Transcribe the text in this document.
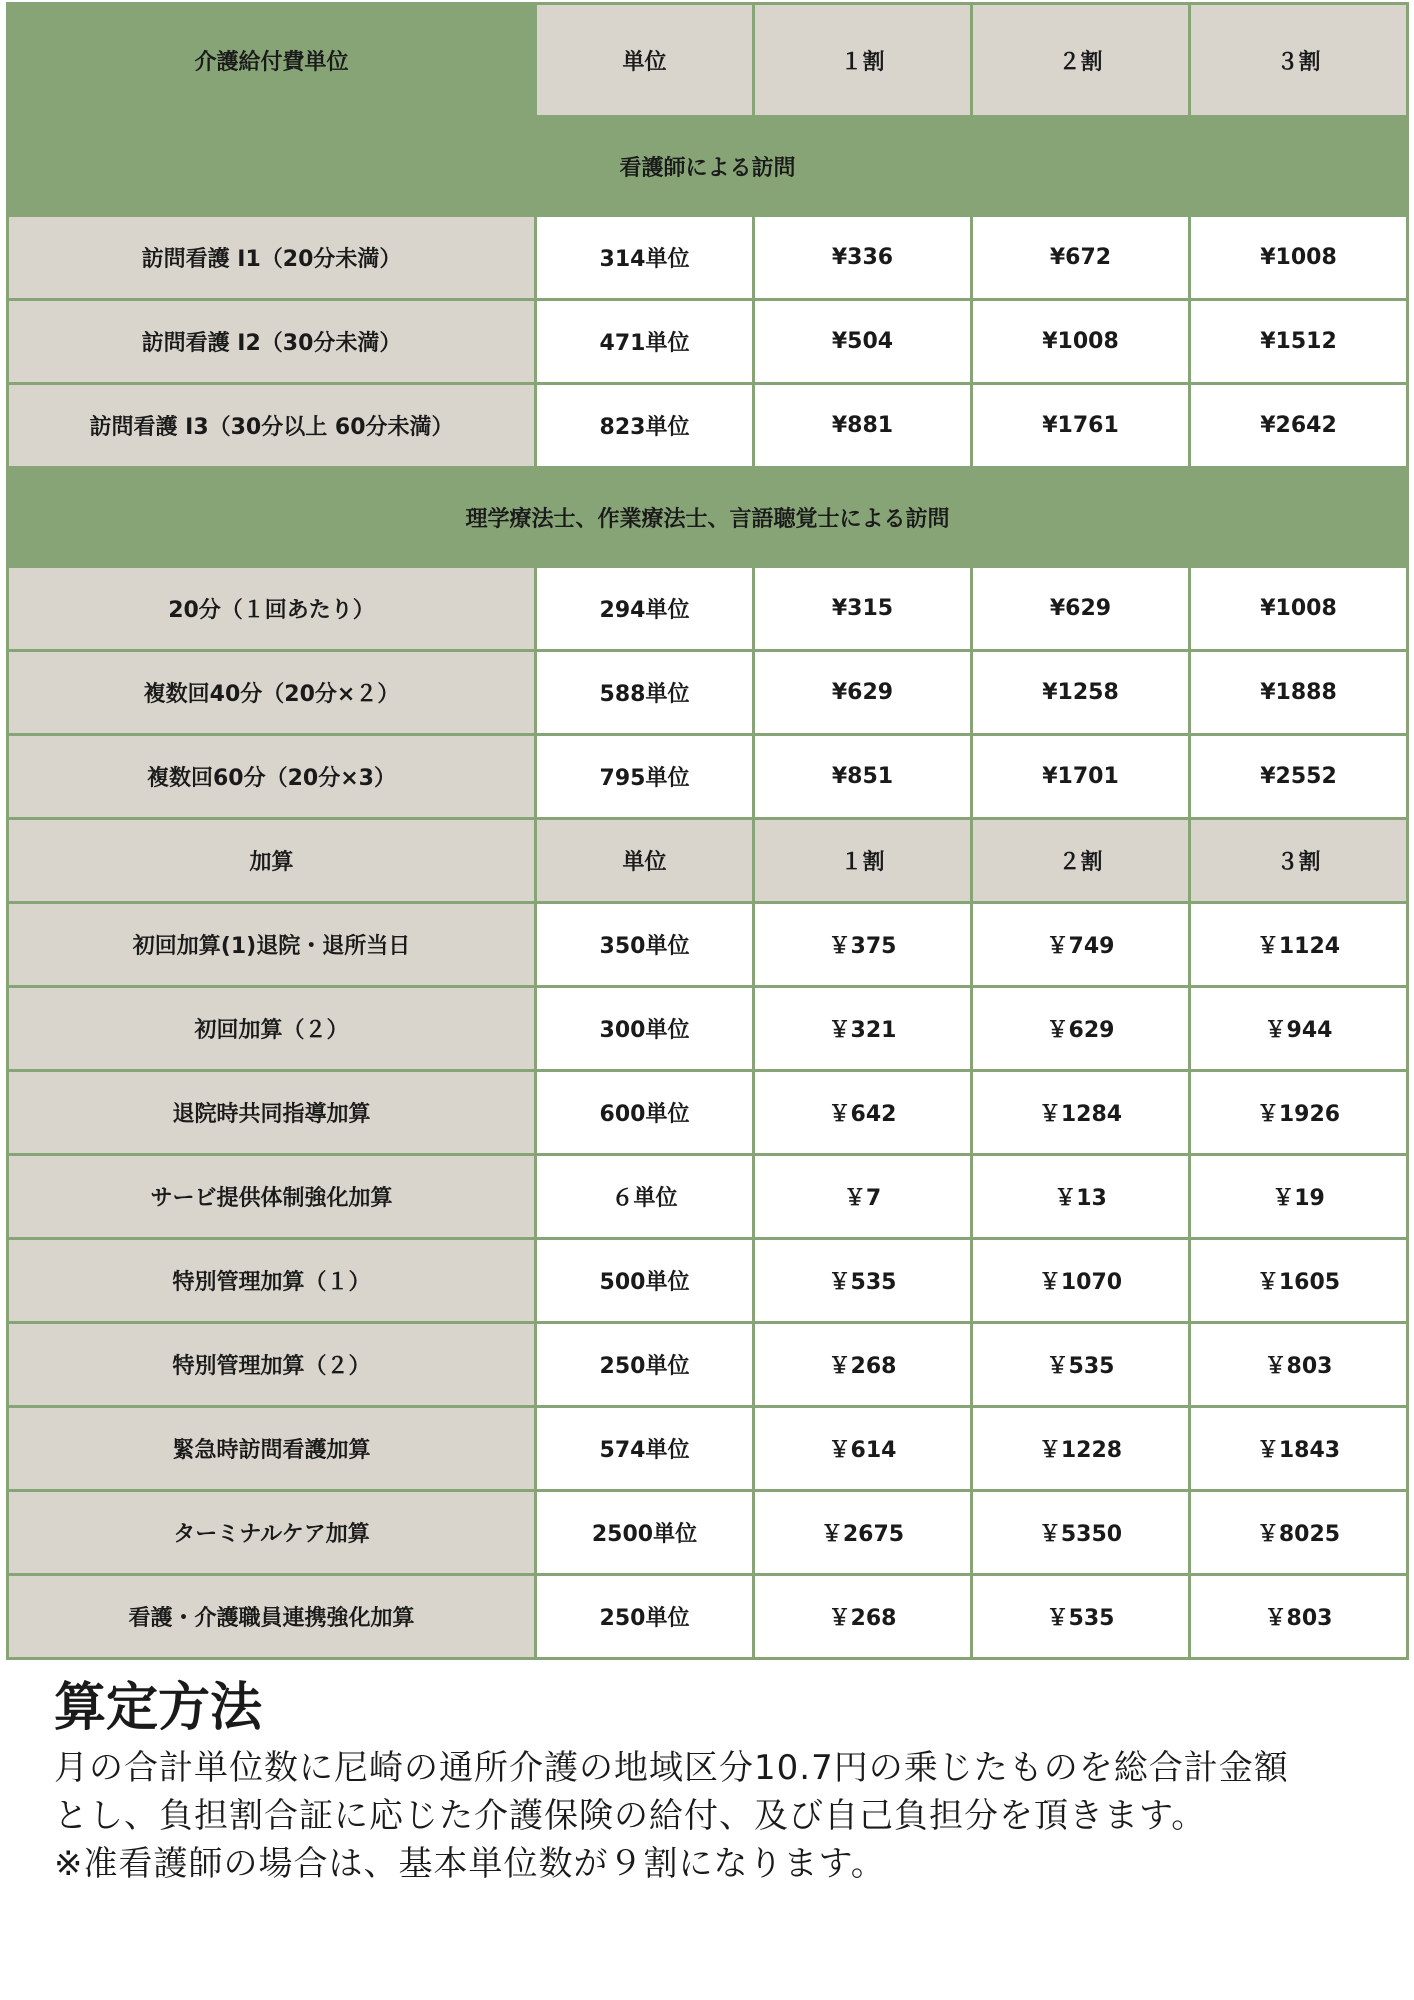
介護給付費単位	単位	１割	２割	３割
看護師による訪問				
訪問看護 I1（20分未満）	314単位	¥336	¥672	¥1008
訪問看護 I2（30分未満）	471単位	¥504	¥1008	¥1512
訪問看護 I3（30分以上 60分未満）	823単位	¥881	¥1761	¥2642
理学療法士、作業療法士、言語聴覚士による訪問				
20分（１回あたり）	294単位	¥315	¥629	¥1008
複数回40分（20分×２）	588単位	¥629	¥1258	¥1888
複数回60分（20分×3）	795単位	¥851	¥1701	¥2552
加算	単位	１割	２割	３割
初回加算(1)退院・退所当日	350単位	￥375	￥749	￥1124
初回加算（２）	300単位	￥321	￥629	￥944
退院時共同指導加算	600単位	￥642	￥1284	￥1926
サービ提供体制強化加算	６単位	￥7	￥13	￥19
特別管理加算（１）	500単位	￥535	￥1070	￥1605
特別管理加算（２）	250単位	￥268	￥535	￥803
緊急時訪問看護加算	574単位	￥614	￥1228	￥1843
ターミナルケア加算	2500単位	￥2675	￥5350	￥8025
看護・介護職員連携強化加算	250単位	￥268	￥535	￥803
算定方法

月の合計単位数に尼崎の通所介護の地域区分10.7円の乗じたものを総合計金額

とし、負担割合証に応じた介護保険の給付、及び自己負担分を頂きます。

※准看護師の場合は、基本単位数が９割になります。
